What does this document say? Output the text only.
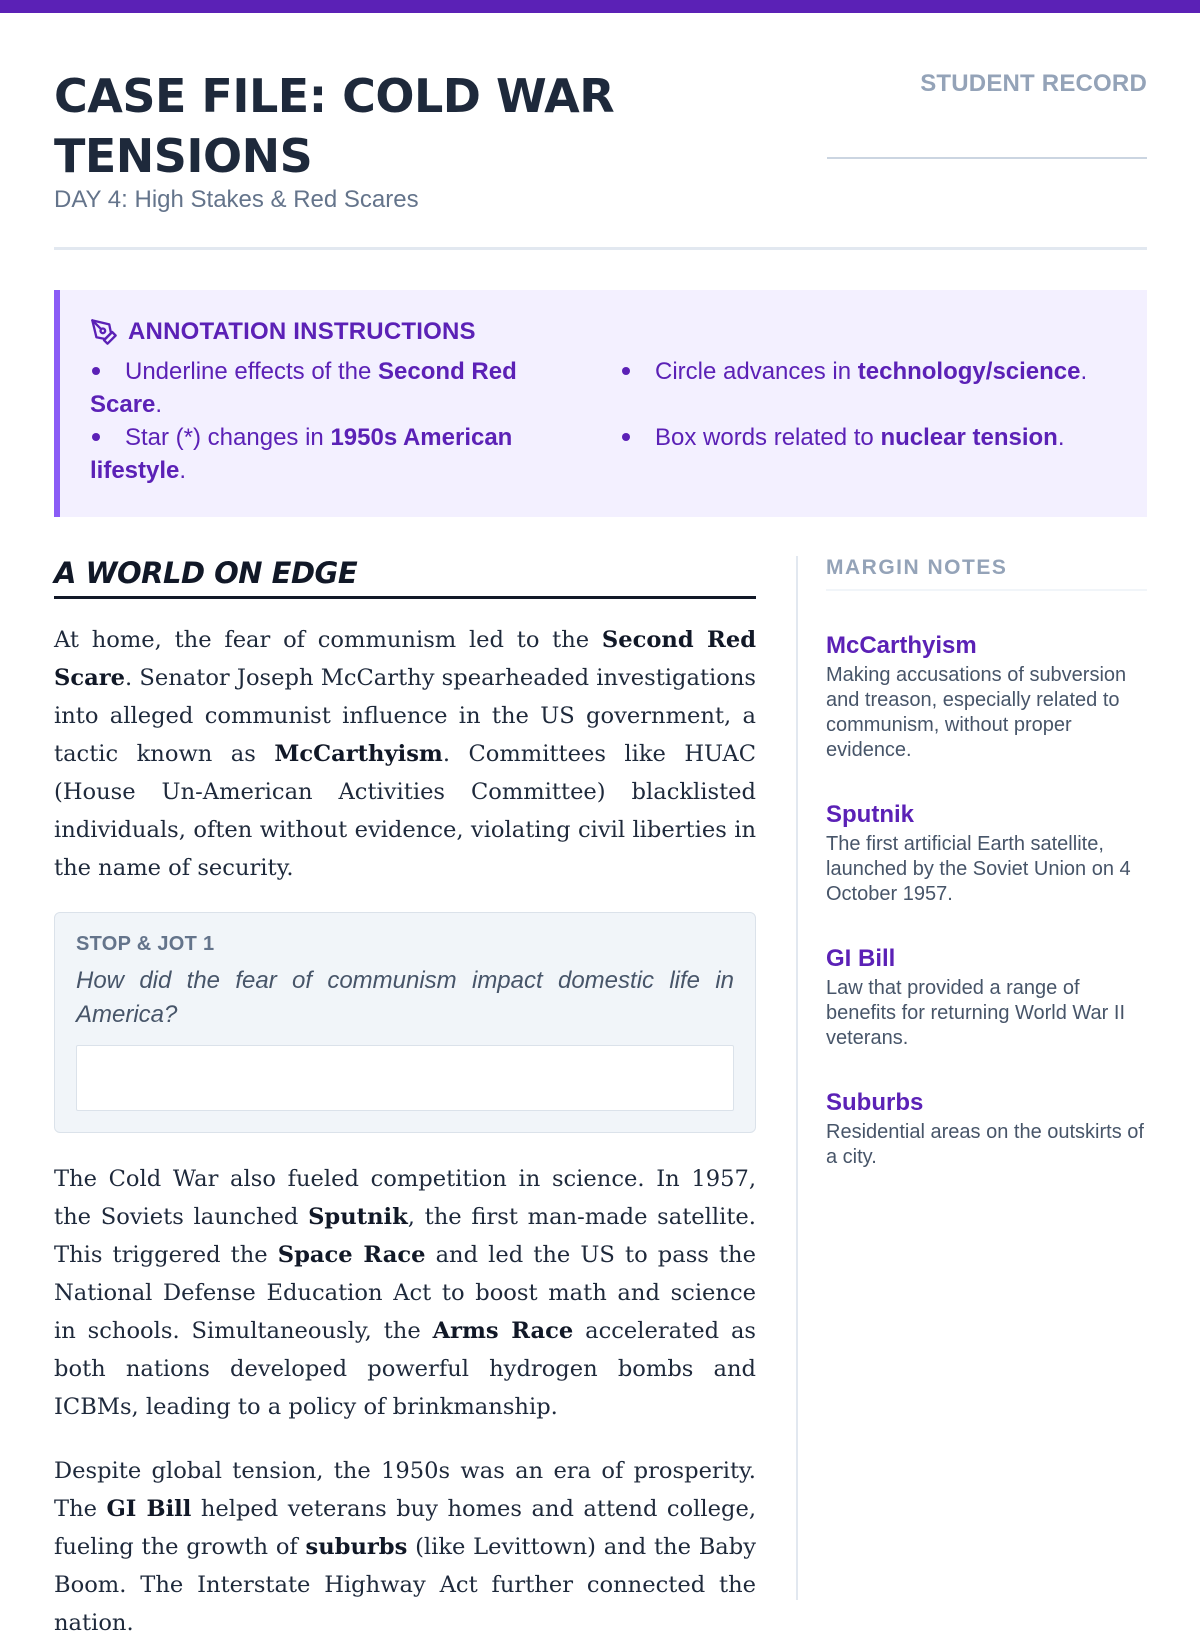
CASE FILE: COLD WAR TENSIONS
DAY 4: High Stakes & Red Scares
STUDENT RECORD
ANNOTATION INSTRUCTIONS
Underline effects of the Second Red Scare.
Star (*) changes in 1950s American lifestyle.
Circle advances in technology/science.
Box words related to nuclear tension.
A WORLD ON EDGE

At home, the fear of communism led to the Second Red Scare. Senator Joseph McCarthy spearheaded investigations into alleged communist influence in the US government, a tactic known as McCarthyism. Committees like HUAC (House Un-American Activities Committee) blacklisted individuals, often without evidence, violating civil liberties in the name of security.

STOP & JOT 1
How did the fear of communism impact domestic life in America?

The Cold War also fueled competition in science. In 1957, the Soviets launched Sputnik, the first man-made satellite. This triggered the Space Race and led the US to pass the National Defense Education Act to boost math and science in schools. Simultaneously, the Arms Race accelerated as both nations developed powerful hydrogen bombs and ICBMs, leading to a policy of brinkmanship.

Despite global tension, the 1950s was an era of prosperity. The GI Bill helped veterans buy homes and attend college, fueling the growth of suburbs (like Levittown) and the Baby Boom. The Interstate Highway Act further connected the nation.

MARGIN NOTES
McCarthyism
Making accusations of subversion and treason, especially related to communism, without proper evidence.
Sputnik
The first artificial Earth satellite, launched by the Soviet Union on 4 October 1957.
GI Bill
Law that provided a range of benefits for returning World War II veterans.
Suburbs
Residential areas on the outskirts of a city.
